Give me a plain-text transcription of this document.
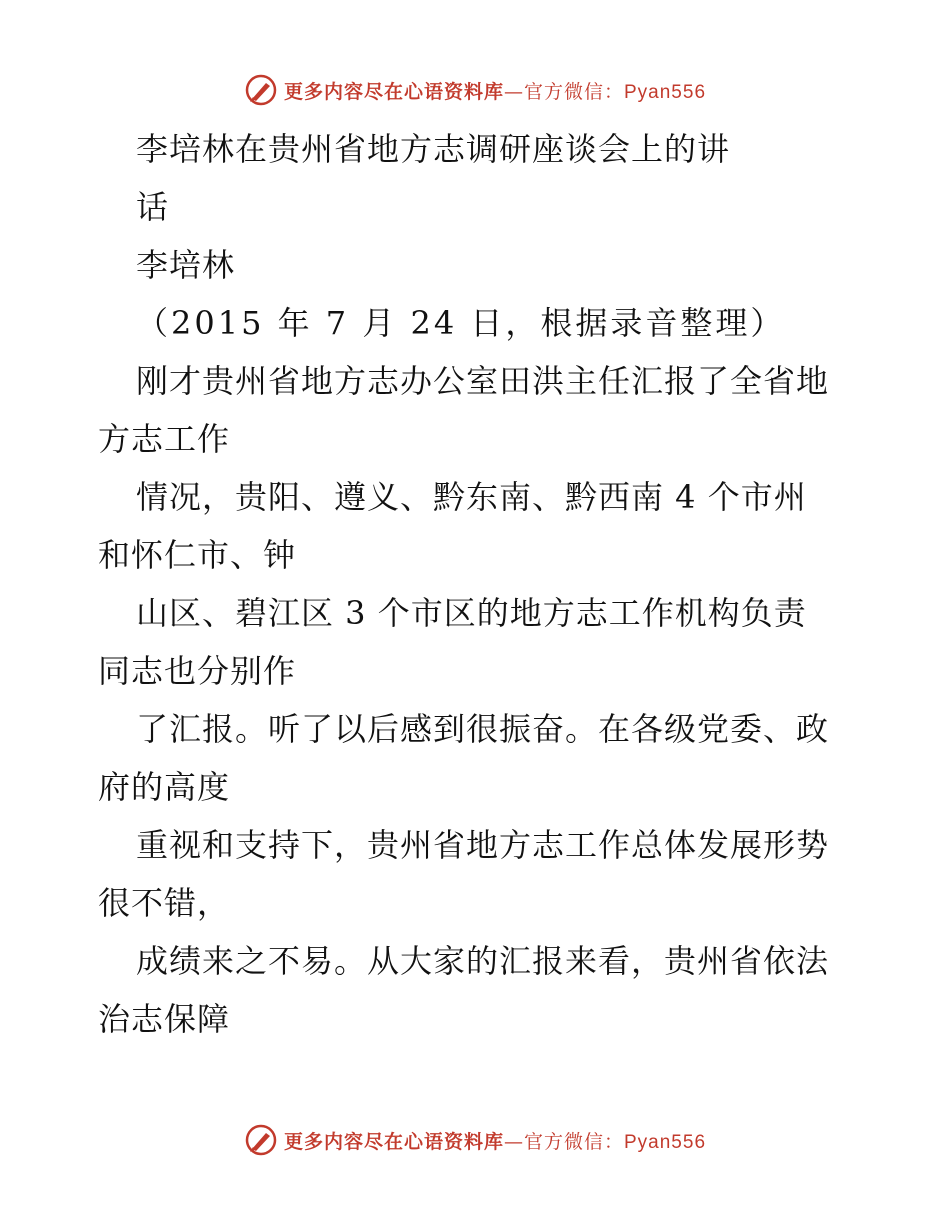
更多内容尽在心语资料库—官方微信：Pyan556
李培林在贵州省地方志调研座谈会上的讲
话
李培林
（2015 年 7 月 24 日，根据录音整理）
刚才贵州省地方志办公室田洪主任汇报了全省地
方志工作
情况，贵阳、遵义、黔东南、黔西南 4 个市州
和怀仁市、钟
山区、碧江区 3 个市区的地方志工作机构负责
同志也分别作
了汇报。听了以后感到很振奋。在各级党委、政
府的高度
重视和支持下，贵州省地方志工作总体发展形势
很不错，
成绩来之不易。从大家的汇报来看，贵州省依法
治志保障
更多内容尽在心语资料库—官方微信：Pyan556
